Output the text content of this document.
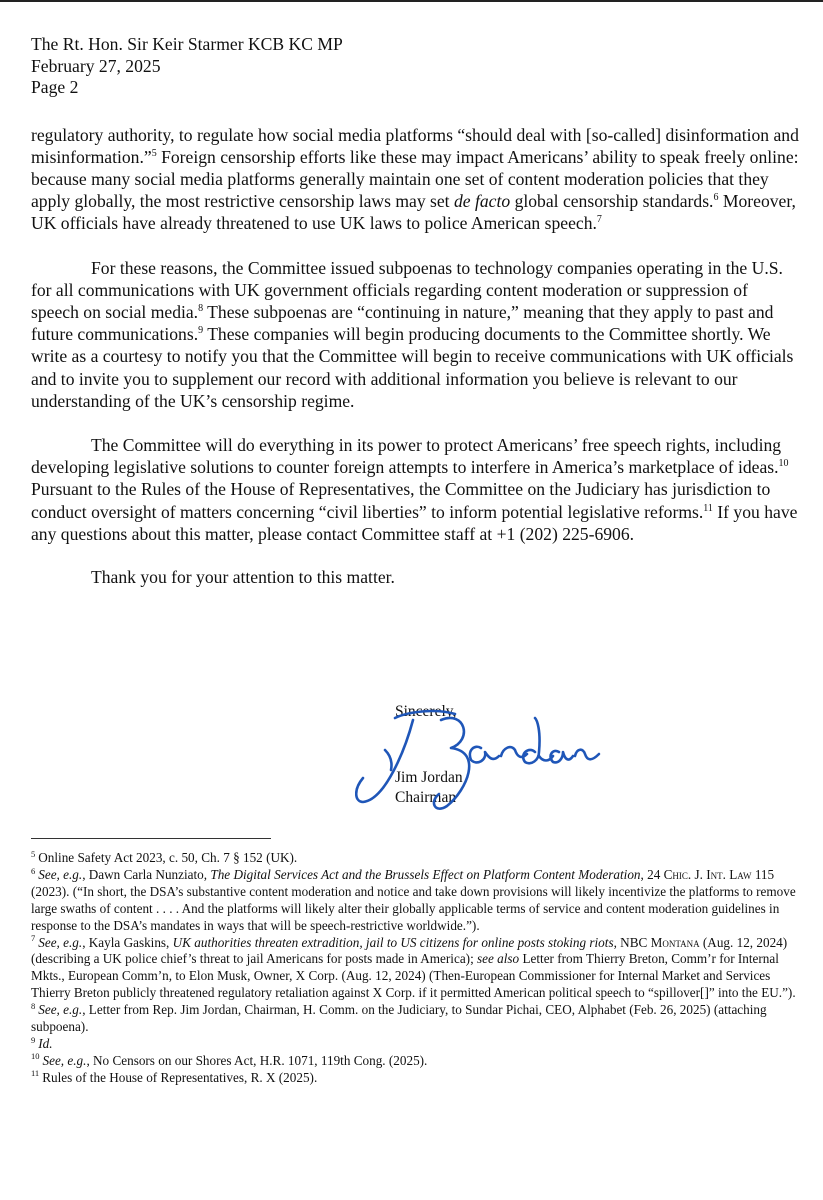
The Rt. Hon. Sir Keir Starmer KCB KC MP

February 27, 2025

Page 2

regulatory authority, to regulate how social media platforms “should deal with [so-called] disinformation and misinformation.”$^5$ Foreign censorship efforts like these may impact Americans’ ability to speak freely online: because many social media platforms generally maintain one set of content moderation policies that they apply globally, the most restrictive censorship laws may set de facto global censorship standards.$^6$ Moreover, UK officials have already threatened to use UK laws to police American speech.$^7$

For these reasons, the Committee issued subpoenas to technology companies operating in the U.S. for all communications with UK government officials regarding content moderation or suppression of speech on social media.$^8$ These subpoenas are “continuing in nature,” meaning that they apply to past and future communications.$^9$ These companies will begin producing documents to the Committee shortly. We write as a courtesy to notify you that the Committee will begin to receive communications with UK officials and to invite you to supplement our record with additional information you believe is relevant to our understanding of the UK’s censorship regime.

The Committee will do everything in its power to protect Americans’ free speech rights, including developing legislative solutions to counter foreign attempts to interfere in America’s marketplace of ideas.$^{10}$ Pursuant to the Rules of the House of Representatives, the Committee on the Judiciary has jurisdiction to conduct oversight of matters concerning “civil liberties” to inform potential legislative reforms.$^{11}$ If you have any questions about this matter, please contact Committee staff at +1 (202) 225-6906.

Thank you for your attention to this matter.

Sincerely,
Jim Jordan
Chairman

$^5$ Online Safety Act 2023, c. 50, Ch. 7 § 152 (UK).

$^6$ See, e.g., Dawn Carla Nunziato, The Digital Services Act and the Brussels Effect on Platform Content Moderation, 24 Chic. J. Int. Law 115 (2023). (“In short, the DSA’s substantive content moderation and notice and take down provisions will likely incentivize the platforms to remove large swaths of content . . . . And the platforms will likely alter their globally applicable terms of service and content moderation guidelines in response to the DSA’s mandates in ways that will be speech-restrictive worldwide.”).

$^7$ See, e.g., Kayla Gaskins, UK authorities threaten extradition, jail to US citizens for online posts stoking riots, NBC Montana (Aug. 12, 2024) (describing a UK police chief’s threat to jail Americans for posts made in America); see also Letter from Thierry Breton, Comm’r for Internal Mkts., European Comm’n, to Elon Musk, Owner, X Corp. (Aug. 12, 2024) (Then-European Commissioner for Internal Market and Services Thierry Breton publicly threatened regulatory retaliation against X Corp. if it permitted American political speech to “spillover[]” into the EU.”).

$^8$ See, e.g., Letter from Rep. Jim Jordan, Chairman, H. Comm. on the Judiciary, to Sundar Pichai, CEO, Alphabet (Feb. 26, 2025) (attaching subpoena).

$^9$ Id.

$^{10}$ See, e.g., No Censors on our Shores Act, H.R. 1071, 119th Cong. (2025).

$^{11}$ Rules of the House of Representatives, R. X (2025).
